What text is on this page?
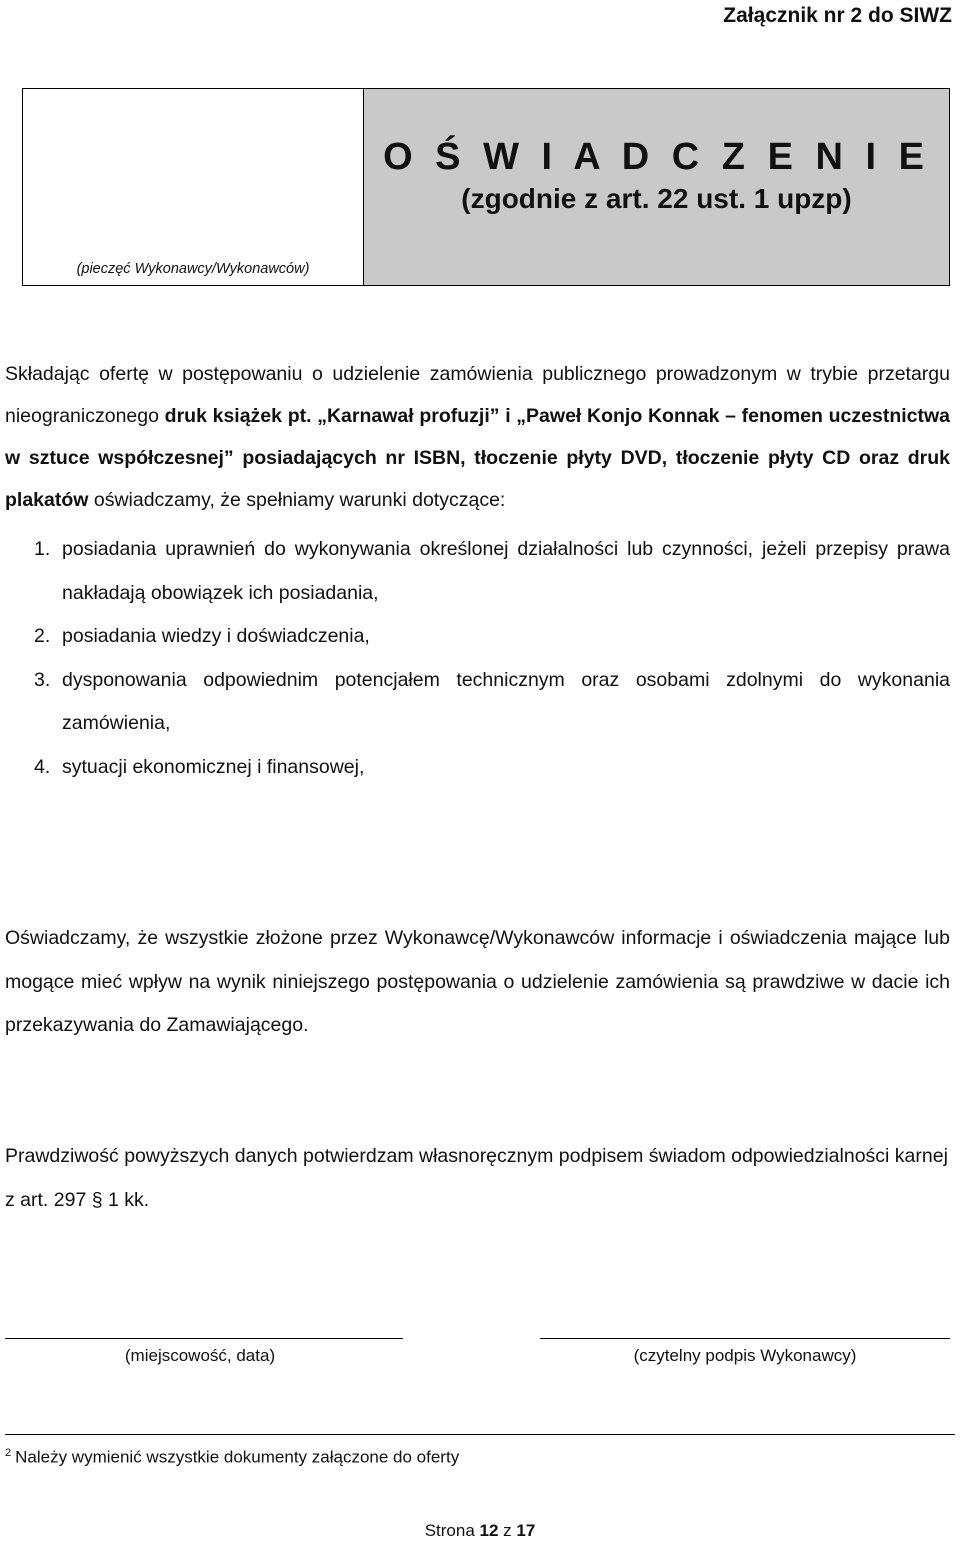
Załącznik nr 2 do SIWZ
(pieczęć Wykonawcy/Wykonawców)
O Ś W I A D C Z E N I E
(zgodnie z art. 22 ust. 1 upzp)
Składając ofertę w postępowaniu o udzielenie zamówienia publicznego prowadzonym w trybie przetargu nieograniczonego druk książek pt. „Karnawał profuzji” i „Paweł Konjo Konnak – fenomen uczestnictwa w sztuce współczesnej” posiadających nr ISBN, tłoczenie płyty DVD, tłoczenie płyty CD oraz druk plakatów oświadczamy, że spełniamy warunki dotyczące:
1. posiadania uprawnień do wykonywania określonej działalności lub czynności, jeżeli przepisy prawa nakładają obowiązek ich posiadania,
2. posiadania wiedzy i doświadczenia,
3. dysponowania odpowiednim potencjałem technicznym oraz osobami zdolnymi do wykonania zamówienia,
4. sytuacji ekonomicznej i finansowej,
Oświadczamy, że wszystkie złożone przez Wykonawcę/Wykonawców informacje i oświadczenia mające lub mogące mieć wpływ na wynik niniejszego postępowania o udzielenie zamówienia są prawdziwe w dacie ich przekazywania do Zamawiającego.
Prawdziwość powyższych danych potwierdzam własnoręcznym podpisem świadom odpowiedzialności karnej z art. 297 § 1 kk.
(miejscowość, data)	(czytelny podpis Wykonawcy)
$^2$ Należy wymienić wszystkie dokumenty załączone do oferty
Strona 12 z 17
